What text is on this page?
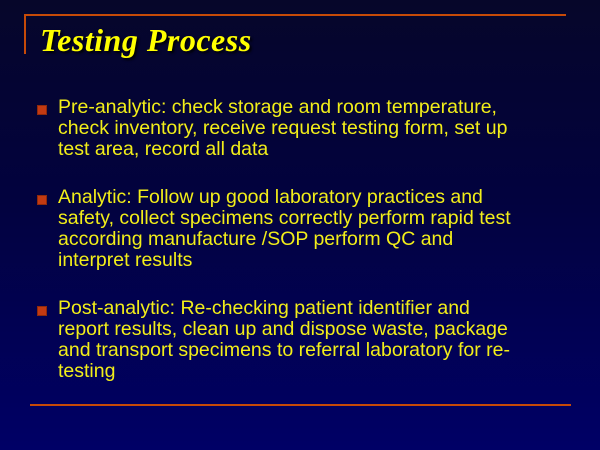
Testing Process
Pre-analytic: check storage and room temperature,
check inventory, receive request testing form, set up
test area, record all data
Analytic: Follow up good laboratory practices and
safety, collect specimens correctly perform rapid test
according manufacture /SOP perform QC and
interpret results
Post-analytic: Re-checking patient identifier and
report results, clean up and dispose waste, package
and transport specimens to referral laboratory for re-
testing
